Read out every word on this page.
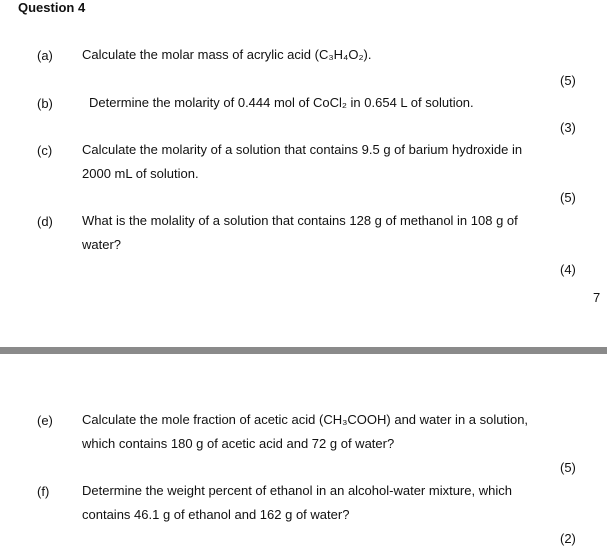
Question 4
(a) Calculate the molar mass of acrylic acid (C₃H₄O₂).
(5)
(b)	Determine the molarity of 0.444 mol of CoCl₂ in 0.654 L of solution.
(3)
(c) Calculate the molarity of a solution that contains 9.5 g of barium hydroxide in
2000 mL of solution.
(5)
(d) What is the molality of a solution that contains 128 g of methanol in 108 g of
water?
(4)
7
(e) Calculate the mole fraction of acetic acid (CH₃COOH) and water in a solution,
which contains 180 g of acetic acid and 72 g of water?
(5)
(f)	Determine the weight percent of ethanol in an alcohol-water mixture, which
contains 46.1 g of ethanol and 162 g of water?
(2)
